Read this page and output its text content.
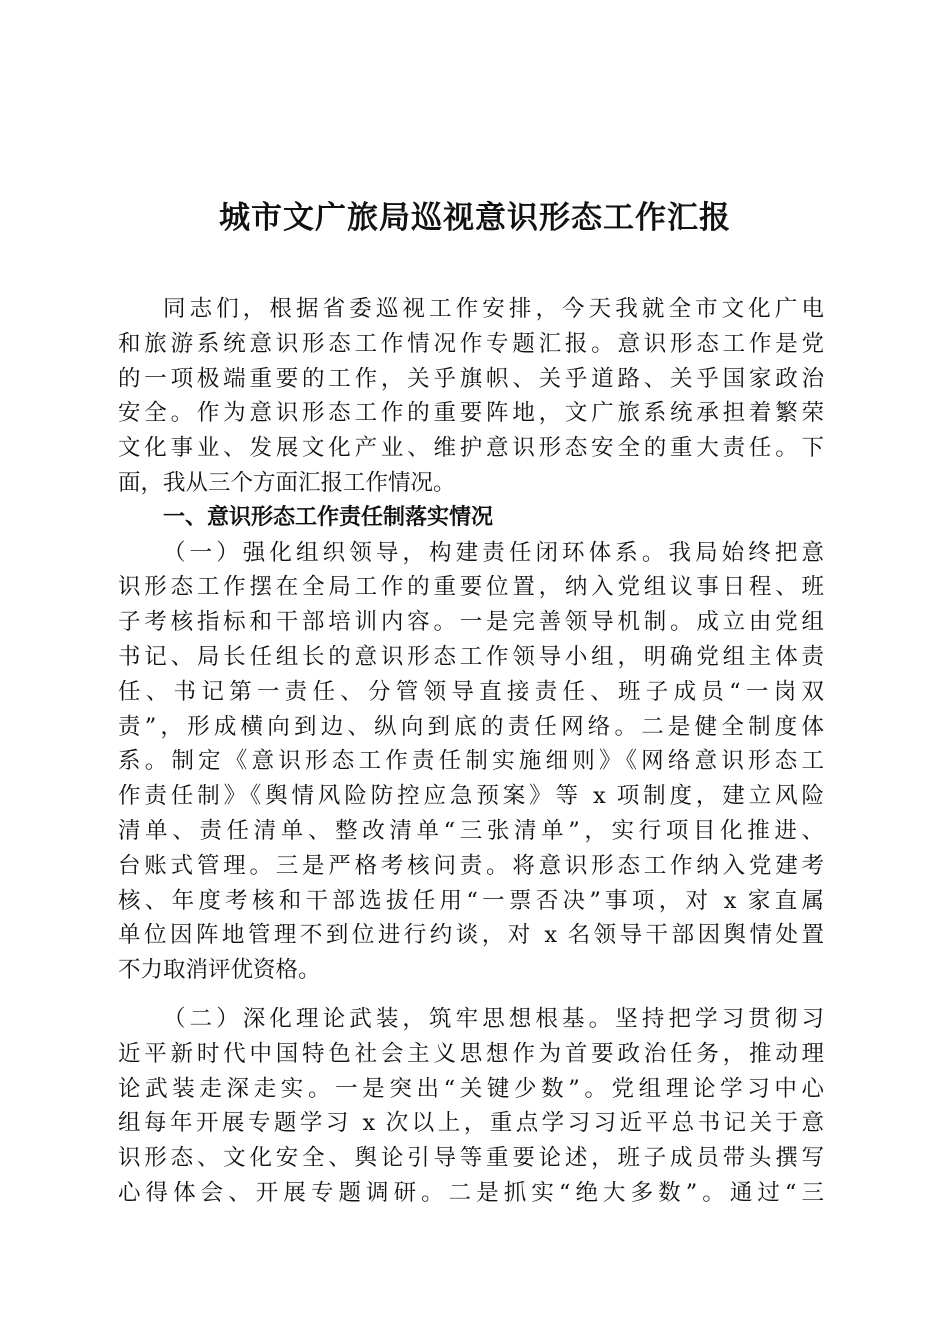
城市文广旅局巡视意识形态工作汇报
同志们，根据省委巡视工作安排，今天我就全市文化广电
和旅游系统意识形态工作情况作专题汇报。意识形态工作是党
的一项极端重要的工作，关乎旗帜、关乎道路、关乎国家政治
安全。作为意识形态工作的重要阵地，文广旅系统承担着繁荣
文化事业、发展文化产业、维护意识形态安全的重大责任。下
面，我从三个方面汇报工作情况。
一、意识形态工作责任制落实情况
（一）强化组织领导，构建责任闭环体系。我局始终把意
识形态工作摆在全局工作的重要位置，纳入党组议事日程、班
子考核指标和干部培训内容。一是完善领导机制。成立由党组
书记、局长任组长的意识形态工作领导小组，明确党组主体责
任、书记第一责任、分管领导直接责任、班子成员“一岗双
责”，形成横向到边、纵向到底的责任网络。二是健全制度体
系。制定《意识形态工作责任制实施细则》《网络意识形态工
作责任制》《舆情风险防控应急预案》等 x 项制度，建立风险
清单、责任清单、整改清单“三张清单”，实行项目化推进、
台账式管理。三是严格考核问责。将意识形态工作纳入党建考
核、年度考核和干部选拔任用“一票否决”事项，对 x 家直属
单位因阵地管理不到位进行约谈，对 x 名领导干部因舆情处置
不力取消评优资格。
（二）深化理论武装，筑牢思想根基。坚持把学习贯彻习
近平新时代中国特色社会主义思想作为首要政治任务，推动理
论武装走深走实。一是突出“关键少数”。党组理论学习中心
组每年开展专题学习 x 次以上，重点学习习近平总书记关于意
识形态、文化安全、舆论引导等重要论述，班子成员带头撰写
心得体会、开展专题调研。二是抓实“绝大多数”。通过“三
